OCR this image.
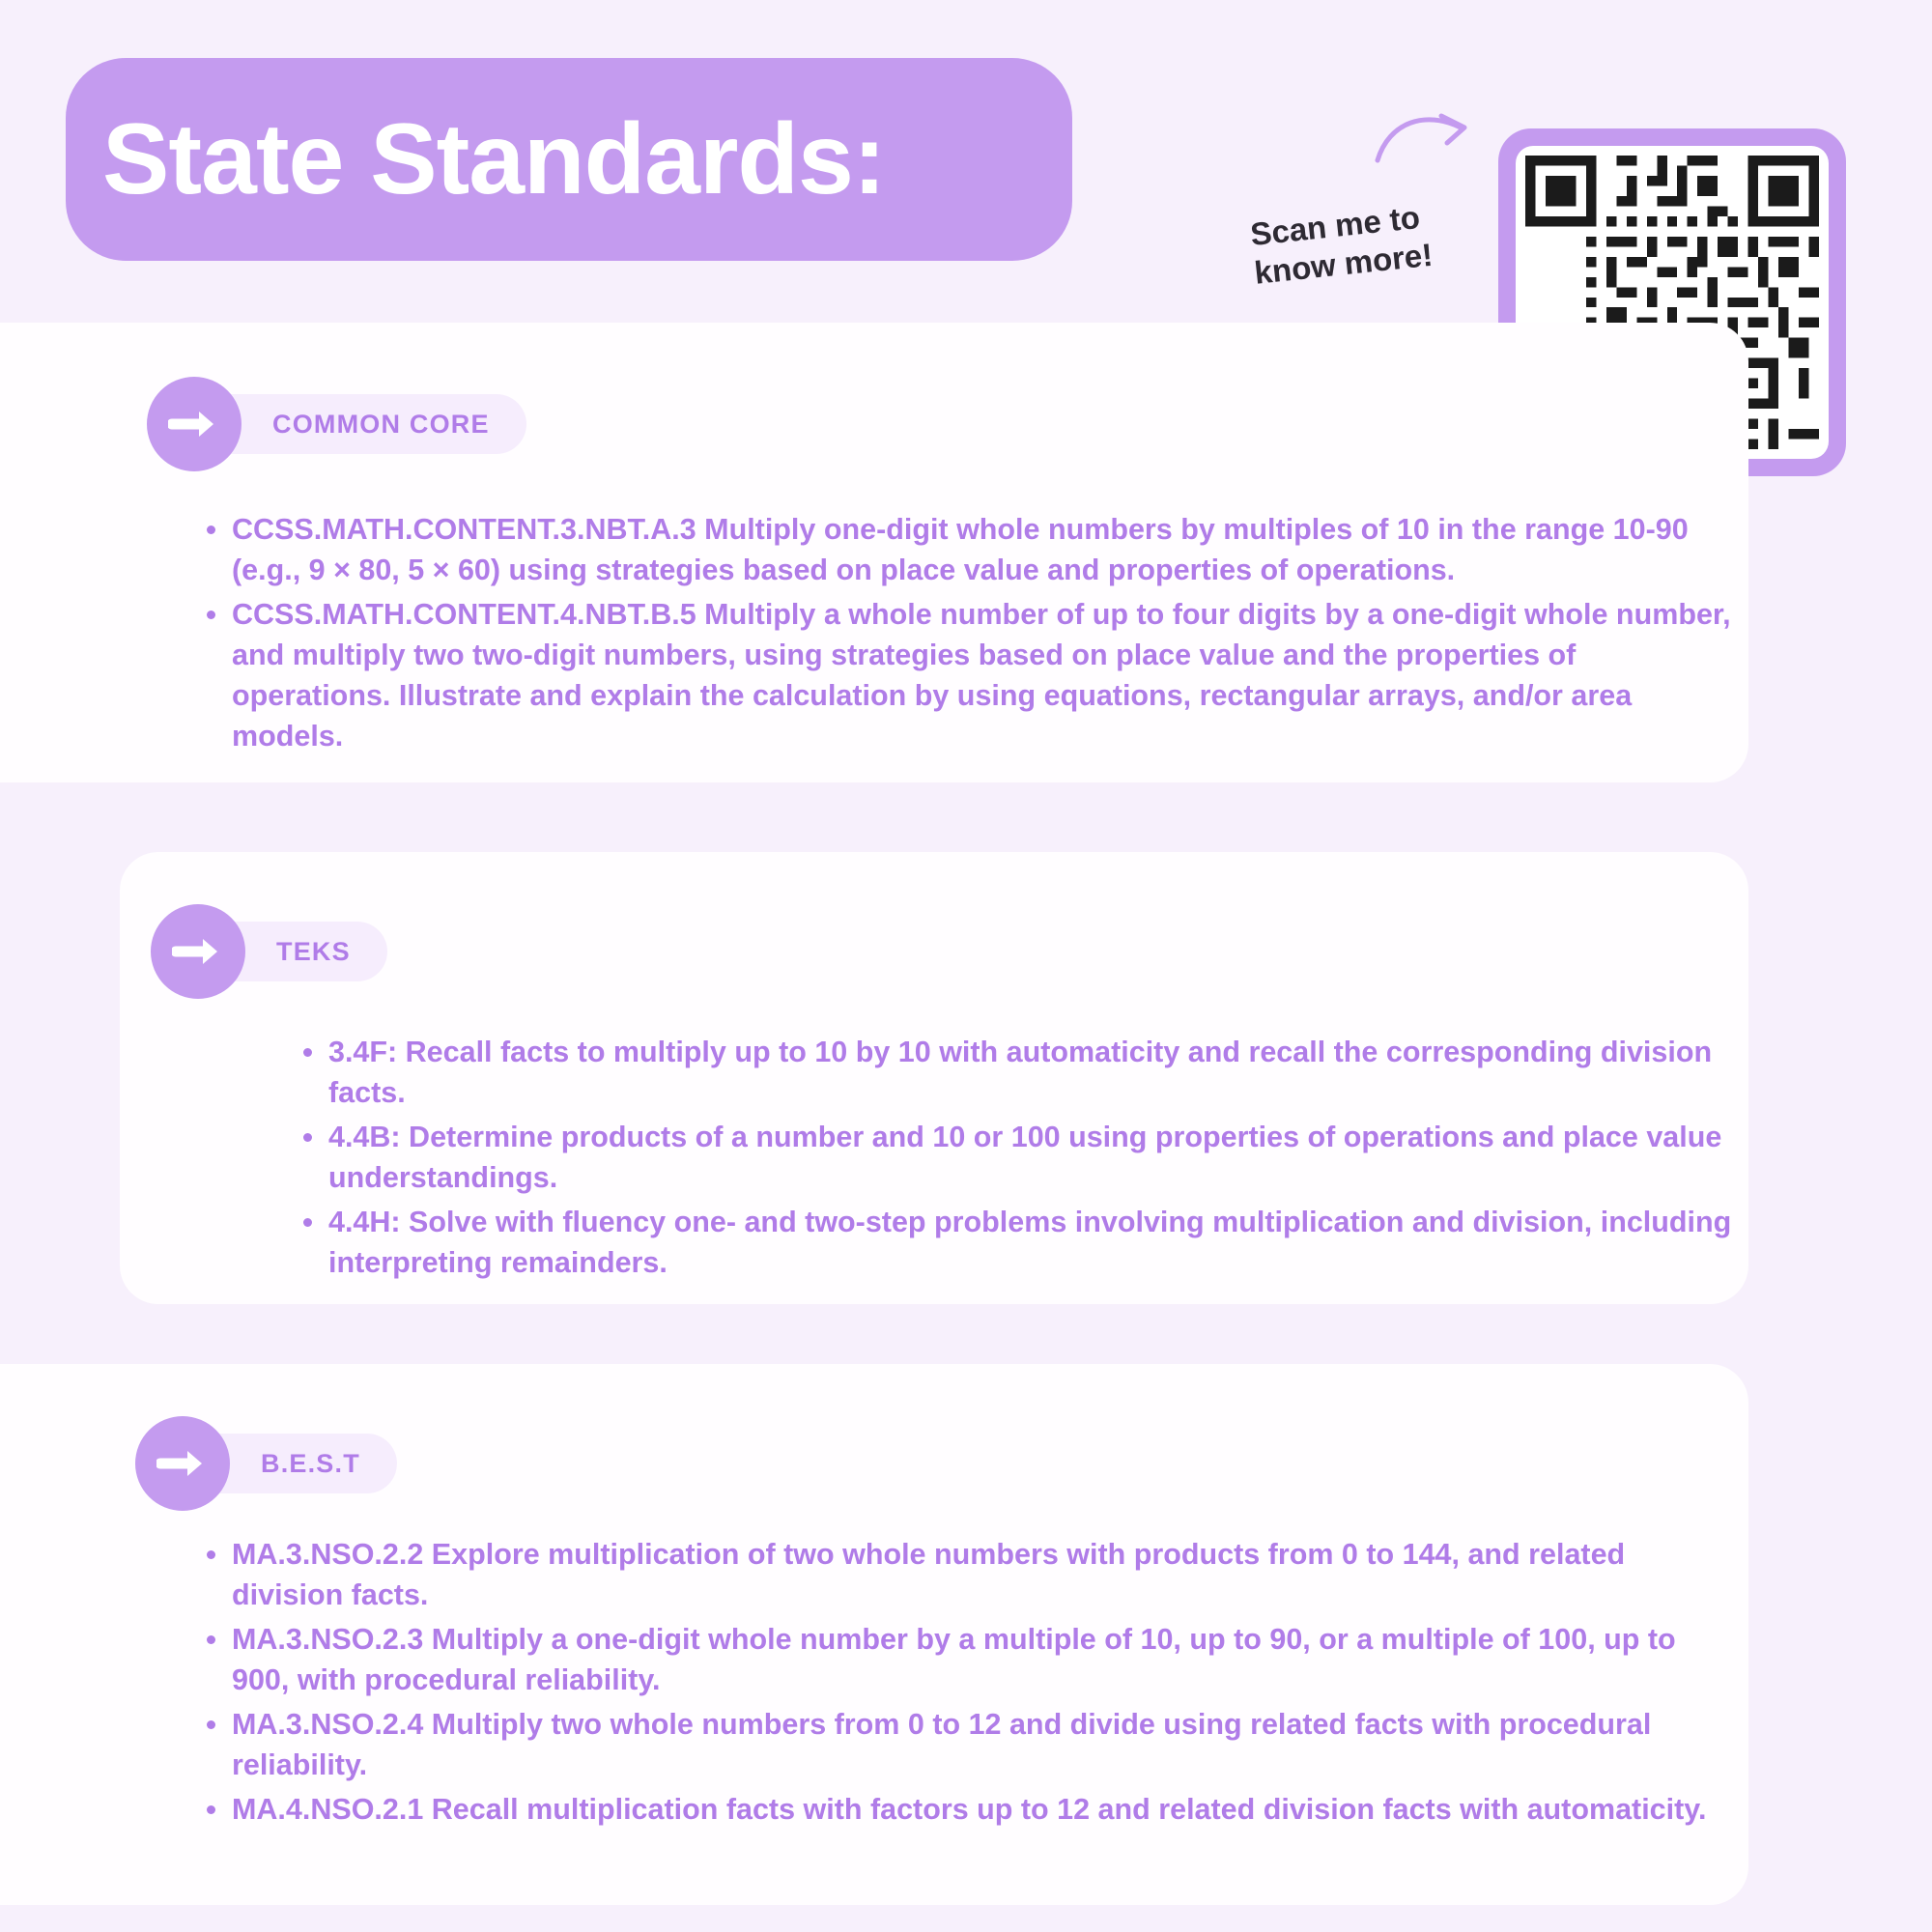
State Standards:
Scan me to know more!
COMMON CORE
CCSS.MATH.CONTENT.3.NBT.A.3 Multiply one-digit whole numbers by multiples of 10 in the range 10-90 (e.g., 9 × 80, 5 × 60) using strategies based on place value and properties of operations.
CCSS.MATH.CONTENT.4.NBT.B.5 Multiply a whole number of up to four digits by a one-digit whole number, and multiply two two-digit numbers, using strategies based on place value and the properties of operations. Illustrate and explain the calculation by using equations, rectangular arrays, and/or area models.
TEKS
3.4F: Recall facts to multiply up to 10 by 10 with automaticity and recall the corresponding division facts.
4.4B: Determine products of a number and 10 or 100 using properties of operations and place value understandings.
4.4H: Solve with fluency one- and two-step problems involving multiplication and division, including interpreting remainders.
B.E.S.T
MA.3.NSO.2.2 Explore multiplication of two whole numbers with products from 0 to 144, and related division facts.
MA.3.NSO.2.3 Multiply a one-digit whole number by a multiple of 10, up to 90, or a multiple of 100, up to 900, with procedural reliability.
MA.3.NSO.2.4 Multiply two whole numbers from 0 to 12 and divide using related facts with procedural reliability.
MA.4.NSO.2.1 Recall multiplication facts with factors up to 12 and related division facts with automaticity.
